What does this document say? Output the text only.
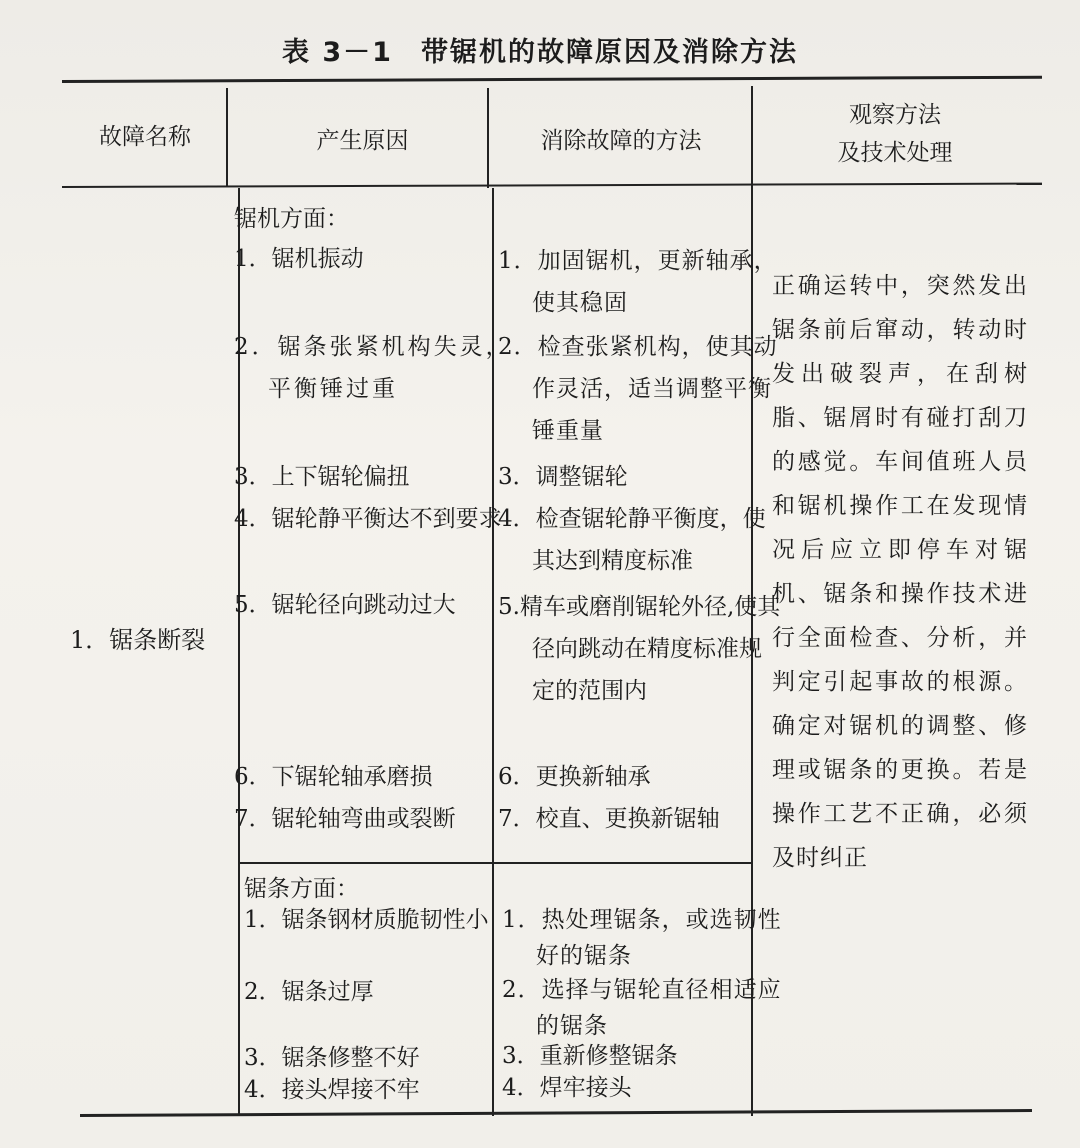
表 3－1 带锯机的故障原因及消除方法
故障名称	产生原因	消除故障的方法
观察方法
及技术处理
1．锯条断裂
锯机方面：
1．锯机振动
2．锯条张紧机构失灵，平衡锤过重
3．上下锯轮偏扭
4．锯轮静平衡达不到要求
5．锯轮径向跳动过大
6．下锯轮轴承磨损
7．锯轮轴弯曲或裂断
1．加固锯机，更新轴承，使其稳固
2．检查张紧机构，使其动作灵活，适当调整平衡锤重量
3．调整锯轮
4．检查锯轮静平衡度，使其达到精度标准
5.精车或磨削锯轮外径,使其径向跳动在精度标准规定的范围内
6．更换新轴承
7．校直、更换新锯轴
锯条方面：
1．锯条钢材质脆韧性小
2．锯条过厚
3．锯条修整不好
4．接头焊接不牢
1．热处理锯条，或选韧性好的锯条
2．选择与锯轮直径相适应的锯条
3．重新修整锯条
4．焊牢接头
正确运转中，突然发出锯条前后窜动，转动时发出破裂声，在刮树脂、锯屑时有碰打刮刀的感觉。车间值班人员和锯机操作工在发现情况后应立即停车对锯机、锯条和操作技术进行全面检查、分析，并判定引起事故的根源。确定对锯机的调整、修理或锯条的更换。若是操作工艺不正确，必须及时纠正
